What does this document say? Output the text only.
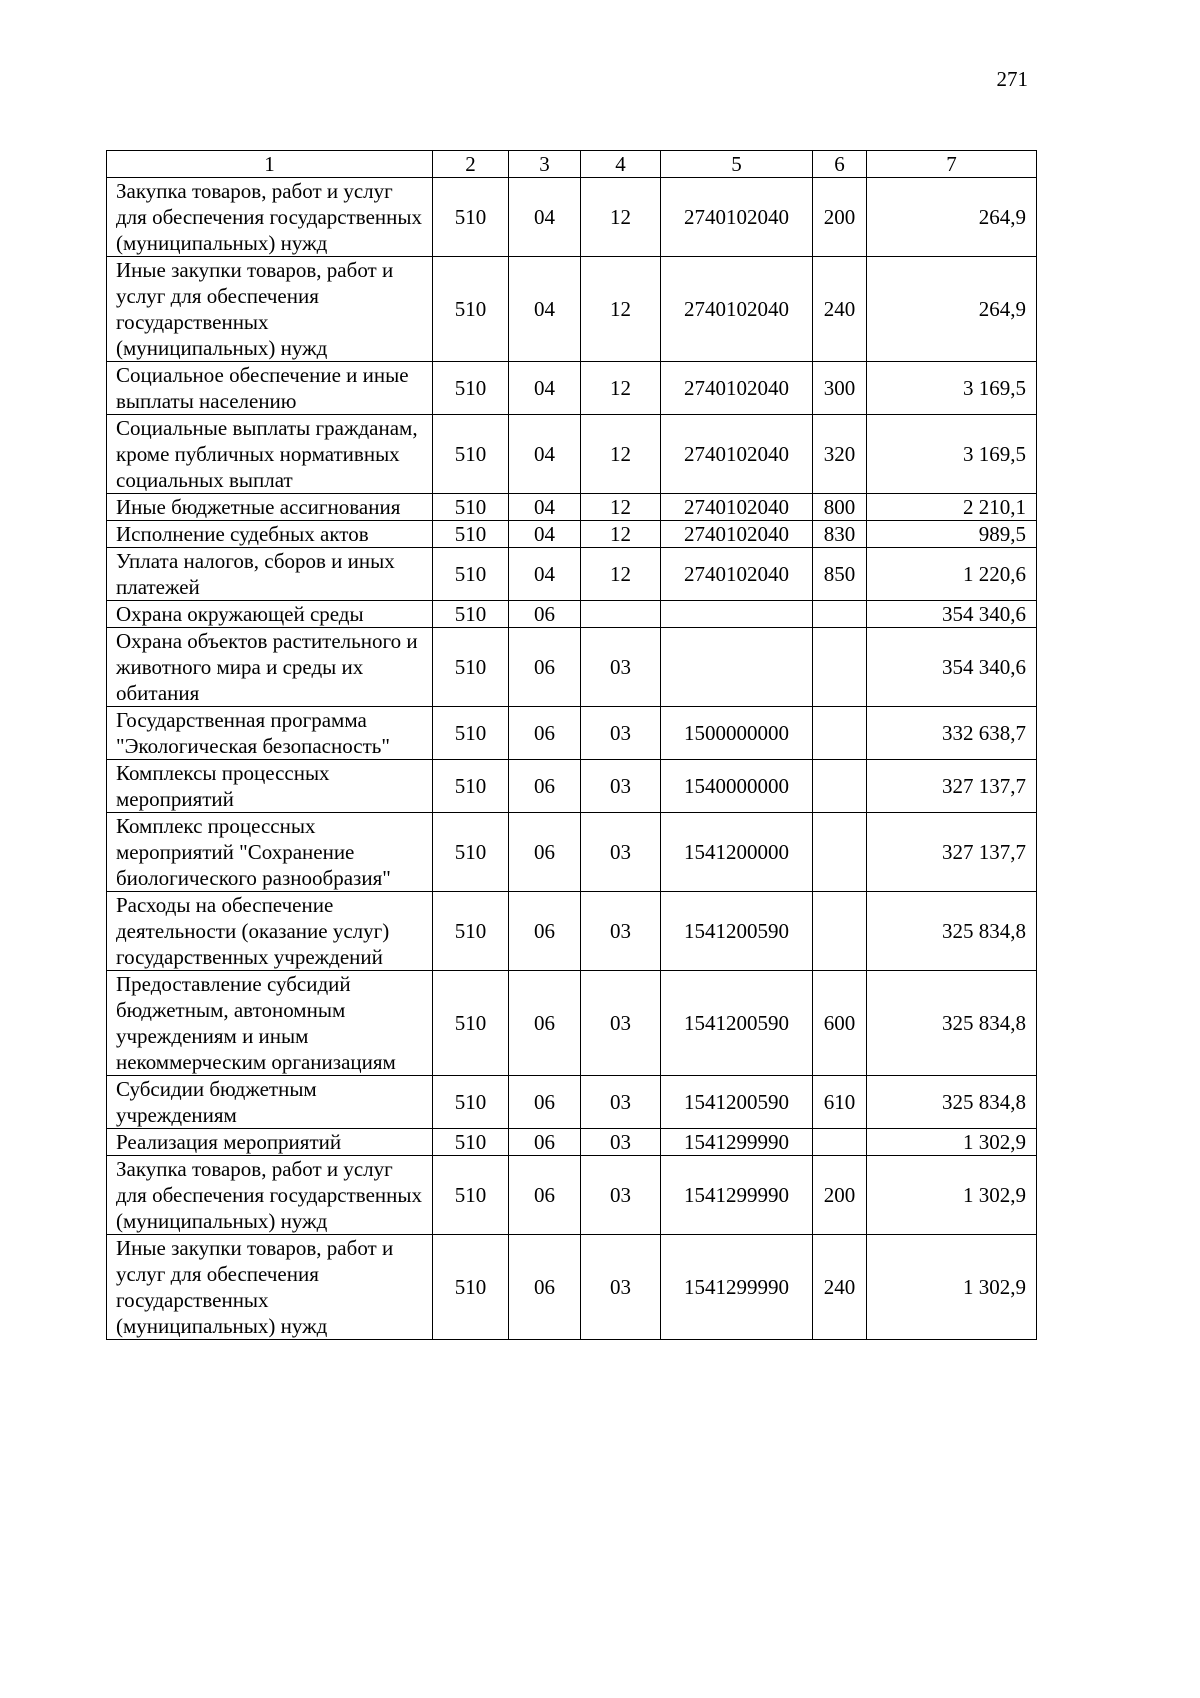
271
1	2	3	4	5	6	7
Закупка товаров, работ и услуг для обеспечения государственных (муниципальных) нужд	510	04	12	2740102040	200	264,9
Иные закупки товаров, работ и услуг для обеспечения государственных (муниципальных) нужд	510	04	12	2740102040	240	264,9
Социальное обеспечение и иные выплаты населению	510	04	12	2740102040	300	3 169,5
Социальные выплаты гражданам, кроме публичных нормативных социальных выплат	510	04	12	2740102040	320	3 169,5
Иные бюджетные ассигнования	510	04	12	2740102040	800	2 210,1
Исполнение судебных актов	510	04	12	2740102040	830	989,5
Уплата налогов, сборов и иных платежей	510	04	12	2740102040	850	1 220,6
Охрана окружающей среды	510	06				354 340,6
Охрана объектов растительного и животного мира и среды их обитания	510	06	03			354 340,6
Государственная программа "Экологическая безопасность"	510	06	03	1500000000		332 638,7
Комплексы процессных мероприятий	510	06	03	1540000000		327 137,7
Комплекс процессных мероприятий "Сохранение биологического разнообразия"	510	06	03	1541200000		327 137,7
Расходы на обеспечение деятельности (оказание услуг) государственных учреждений	510	06	03	1541200590		325 834,8
Предоставление субсидий бюджетным, автономным учреждениям и иным некоммерческим организациям	510	06	03	1541200590	600	325 834,8
Субсидии бюджетным учреждениям	510	06	03	1541200590	610	325 834,8
Реализация мероприятий	510	06	03	1541299990		1 302,9
Закупка товаров, работ и услуг для обеспечения государственных (муниципальных) нужд	510	06	03	1541299990	200	1 302,9
Иные закупки товаров, работ и услуг для обеспечения государственных (муниципальных) нужд	510	06	03	1541299990	240	1 302,9
